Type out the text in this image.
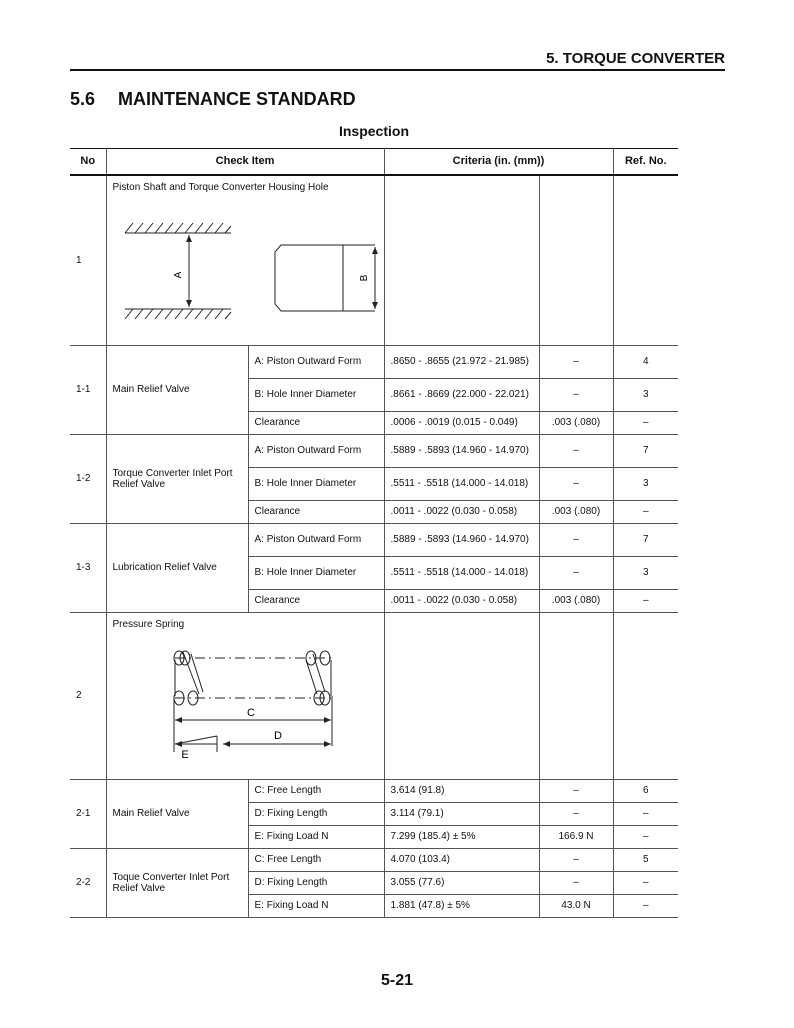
5. TORQUE CONVERTER
5.6 MAINTENANCE STANDARD
Inspection
No	Check Item		Criteria (in. (mm))		Ref. No.
1	Piston Shaft and Torque Converter Housing Hole
A B				

1-1	Main Relief Valve	A: Piston Outward Form	.8650 - .8655 (21.972 - 21.985)	–	4
		B: Hole Inner Diameter	.8661 - .8669 (22.000 - 22.021)	–	3
		Clearance	.0006 - .0019 (0.015 - 0.049)	.003 (.080)	–
1-2	Torque Converter Inlet Port Relief Valve	A: Piston Outward Form	.5889 - .5893 (14.960 - 14.970)	–	7
		B: Hole Inner Diameter	.5511 - .5518 (14.000 - 14.018)	–	3
		Clearance	.0011 - .0022 (0.030 - 0.058)	.003 (.080)	–
1-3	Lubrication Relief Valve	A: Piston Outward Form	.5889 - .5893 (14.960 - 14.970)	–	7
		B: Hole Inner Diameter	.5511 - .5518 (14.000 - 14.018)	–	3
		Clearance	.0011 - .0022 (0.030 - 0.058)	.003 (.080)	–
2	Pressure Spring
C
D
E				

2-1	Main Relief Valve	C: Free Length	3.614 (91.8)	–	6
		D: Fixing Length	3.114 (79.1)	–	–
		E: Fixing Load N	7.299 (185.4) ± 5%	166.9 N	–
2-2	Toque Converter Inlet Port Relief Valve	C: Free Length	4.070 (103.4)	–	5
		D: Fixing Length	3.055 (77.6)	–	–
		E: Fixing Load N	1.881 (47.8) ± 5%	43.0 N	–
5-21
